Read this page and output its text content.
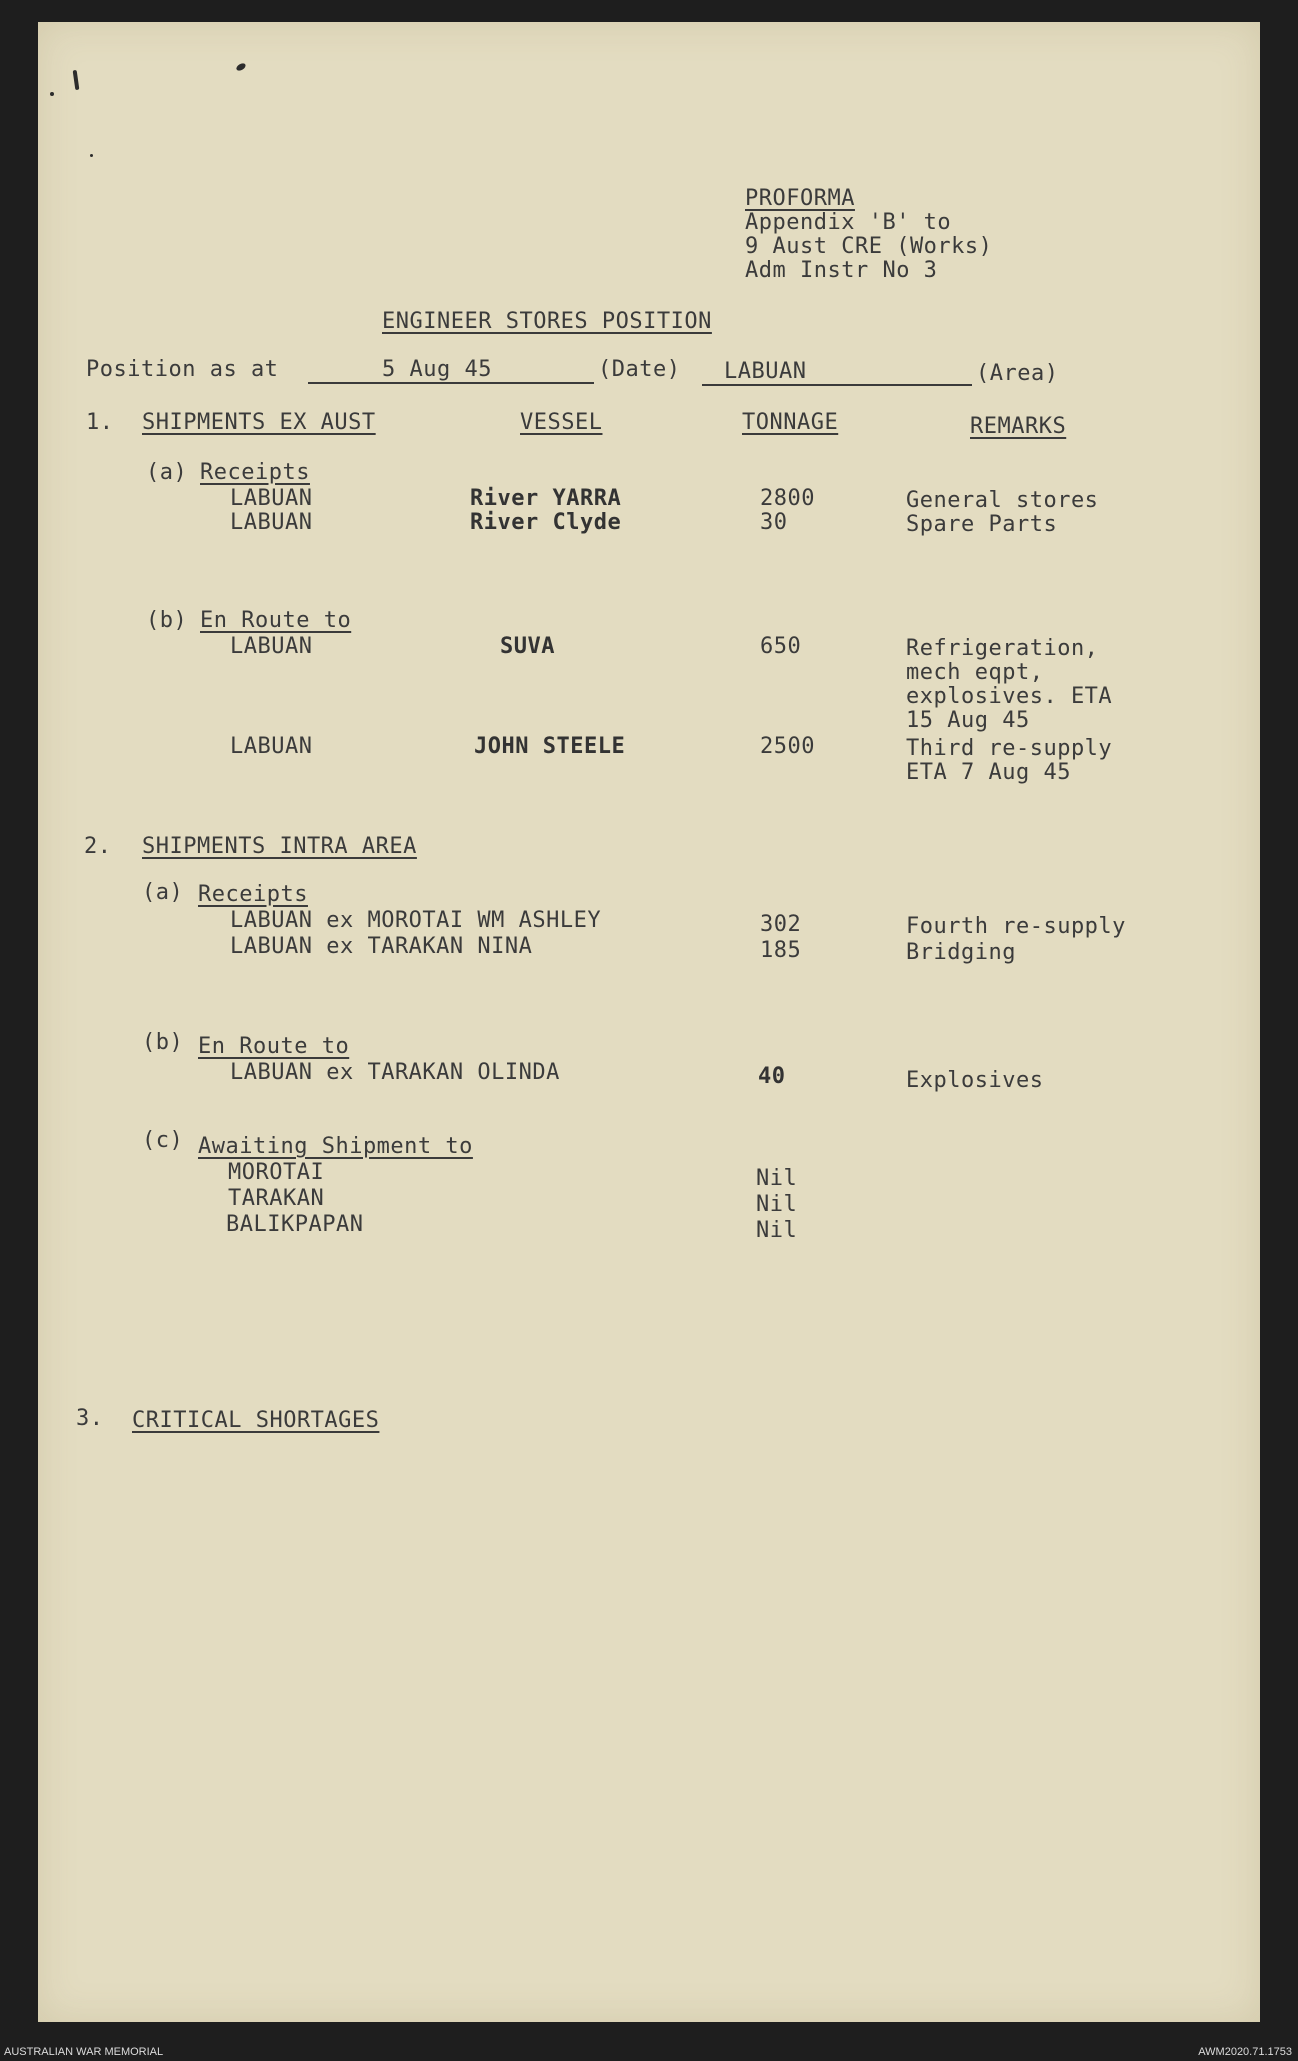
PROFORMA
Appendix 'B' to
9 Aust CRE (Works)
Adm Instr No 3
ENGINEER STORES POSITION
Position as at	5 Aug 45	(Date) LABUAN	(Area)
1. SHIPMENTS EX AUST	VESSEL	TONNAGE	REMARKS
(a) Receipts
LABUAN	River YARRA	2800	General stores
LABUAN	River Clyde	30	Spare Parts
(b) En Route to
LABUAN	SUVA	650	Refrigeration,
mech eqpt,
explosives. ETA
15 Aug 45
LABUAN	JOHN STEELE	2500	Third re-supply
ETA 7 Aug 45
2. SHIPMENTS INTRA AREA
(a) Receipts
LABUAN ex MOROTAI WM ASHLEY	302	Fourth re-supply
LABUAN ex TARAKAN NINA	185	Bridging
(b) En Route to
LABUAN ex TARAKAN OLINDA	40	Explosives
(c) Awaiting Shipment to
MOROTAI	Nil
TARAKAN	Nil
BALIKPAPAN	Nil
3. CRITICAL SHORTAGES
AUSTRALIAN WAR MEMORIAL	AWM2020.71.1753
